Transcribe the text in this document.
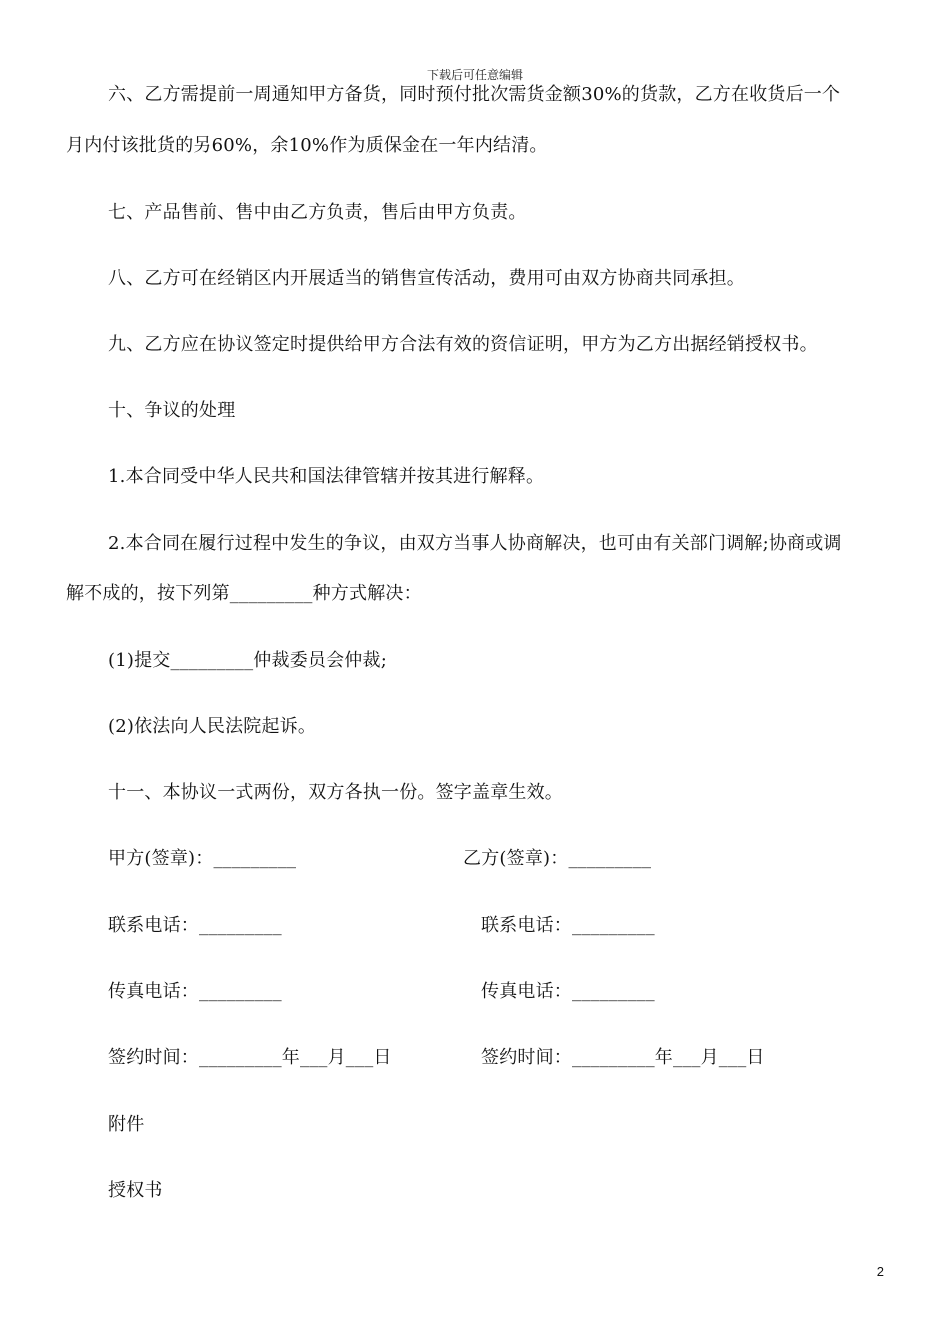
下载后可任意编辑
六、乙方需提前一周通知甲方备货，同时预付批次需货金额30%的货款，乙方在收货后一个
月内付该批货的另60%，余10%作为质保金在一年内结清。
七、产品售前、售中由乙方负责，售后由甲方负责。
八、乙方可在经销区内开展适当的销售宣传活动，费用可由双方协商共同承担。
九、乙方应在协议签定时提供给甲方合法有效的资信证明，甲方为乙方出据经销授权书。
十、争议的处理
1.本合同受中华人民共和国法律管辖并按其进行解释。
2.本合同在履行过程中发生的争议，由双方当事人协商解决，也可由有关部门调解;协商或调
解不成的，按下列第_________种方式解决：
(1)提交_________仲裁委员会仲裁;
(2)依法向人民法院起诉。
十一、本协议一式两份，双方各执一份。签字盖章生效。
甲方(签章)：_________	乙方(签章)：_________
联系电话：_________	联系电话：_________
传真电话：_________	传真电话：_________
签约时间：_________年___月___日	签约时间：_________年___月___日
附件
授权书
2
